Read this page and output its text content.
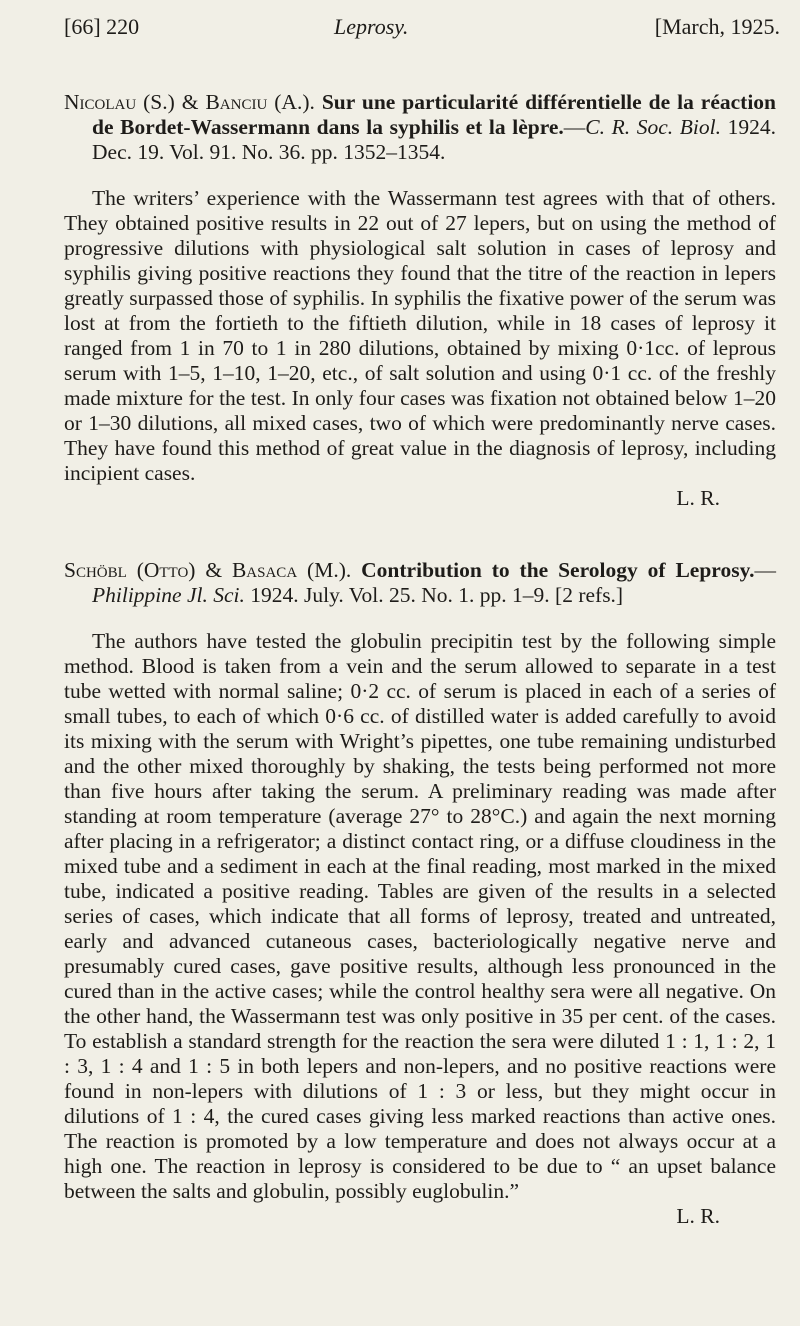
[66] 220	Leprosy.	[March, 1925.
Nicolau (S.) & Banciu (A.). Sur une particularité différentielle de la réaction de Bordet-Wassermann dans la syphilis et la lèpre.—C. R. Soc. Biol. 1924. Dec. 19. Vol. 91. No. 36. pp. 1352–1354.
The writers’ experience with the Wassermann test agrees with that of others. They obtained positive results in 22 out of 27 lepers, but on using the method of progressive dilutions with physiological salt solution in cases of leprosy and syphilis giving positive reactions they found that the titre of the reaction in lepers greatly surpassed those of syphilis. In syphilis the fixative power of the serum was lost at from the fortieth to the fiftieth dilution, while in 18 cases of leprosy it ranged from 1 in 70 to 1 in 280 dilutions, obtained by mixing 0·1cc. of leprous serum with 1–5, 1–10, 1–20, etc., of salt solution and using 0·1 cc. of the freshly made mixture for the test. In only four cases was fixation not obtained below 1–20 or 1–30 dilutions, all mixed cases, two of which were predominantly nerve cases. They have found this method of great value in the diagnosis of leprosy, including incipient cases.
L. R.
Schöbl (Otto) & Basaca (M.). Contribution to the Serology of Leprosy.—Philippine Jl. Sci. 1924. July. Vol. 25. No. 1. pp. 1–9. [2 refs.]
The authors have tested the globulin precipitin test by the following simple method. Blood is taken from a vein and the serum allowed to separate in a test tube wetted with normal saline; 0·2 cc. of serum is placed in each of a series of small tubes, to each of which 0·6 cc. of distilled water is added carefully to avoid its mixing with the serum with Wright’s pipettes, one tube remaining undisturbed and the other mixed thoroughly by shaking, the tests being performed not more than five hours after taking the serum. A preliminary reading was made after standing at room temperature (average 27° to 28°C.) and again the next morning after placing in a refrigerator; a distinct contact ring, or a diffuse cloudiness in the mixed tube and a sediment in each at the final reading, most marked in the mixed tube, indicated a positive reading. Tables are given of the results in a selected series of cases, which indicate that all forms of leprosy, treated and untreated, early and advanced cutaneous cases, bacteriologically negative nerve and presumably cured cases, gave positive results, although less pronounced in the cured than in the active cases; while the control healthy sera were all negative. On the other hand, the Wassermann test was only positive in 35 per cent. of the cases. To establish a standard strength for the reaction the sera were diluted 1 : 1, 1 : 2, 1 : 3, 1 : 4 and 1 : 5 in both lepers and non-lepers, and no positive reactions were found in non-lepers with dilutions of 1 : 3 or less, but they might occur in dilutions of 1 : 4, the cured cases giving less marked reactions than active ones. The reaction is promoted by a low temperature and does not always occur at a high one. The reaction in leprosy is considered to be due to “ an upset balance between the salts and globulin, possibly euglobulin.”
L. R.
